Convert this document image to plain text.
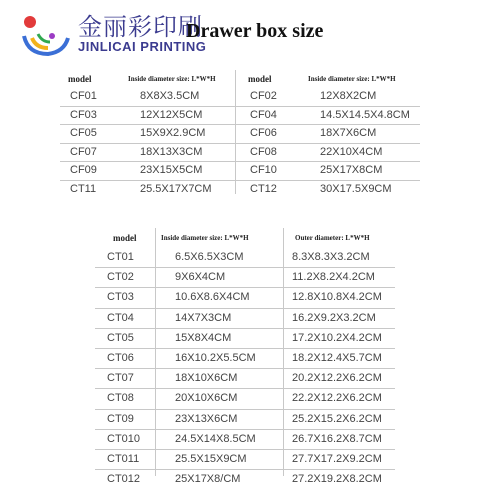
金丽彩印刷
JINLICAI PRINTING
Drawer box size
model	Inside diameter size: L*W*H
CF01	8X8X3.5CM
CF03	12X12X5CM
CF05	15X9X2.9CM
CF07	18X13X3CM
CF09	23X15X5CM
CT11	25.5X17X7CM
model	Inside diameter size: L*W*H
CF02	12X8X2CM
CF04	14.5X14.5X4.8CM
CF06	18X7X6CM
CF08	22X10X4CM
CF10	25X17X8CM
CT12	30X17.5X9CM
model	Inside diameter size: L*W*H	Outer diameter: L*W*H
CT01	6.5X6.5X3CM	8.3X8.3X3.2CM
CT02	9X6X4CM	11.2X8.2X4.2CM
CT03	10.6X8.6X4CM	12.8X10.8X4.2CM
CT04	14X7X3CM	16.2X9.2X3.2CM
CT05	15X8X4CM	17.2X10.2X4.2CM
CT06	16X10.2X5.5CM	18.2X12.4X5.7CM
CT07	18X10X6CM	20.2X12.2X6.2CM
CT08	20X10X6CM	22.2X12.2X6.2CM
CT09	23X13X6CM	25.2X15.2X6.2CM
CT010	24.5X14X8.5CM	26.7X16.2X8.7CM
CT011	25.5X15X9CM	27.7X17.2X9.2CM
CT012	25X17X8/CM	27.2X19.2X8.2CM
